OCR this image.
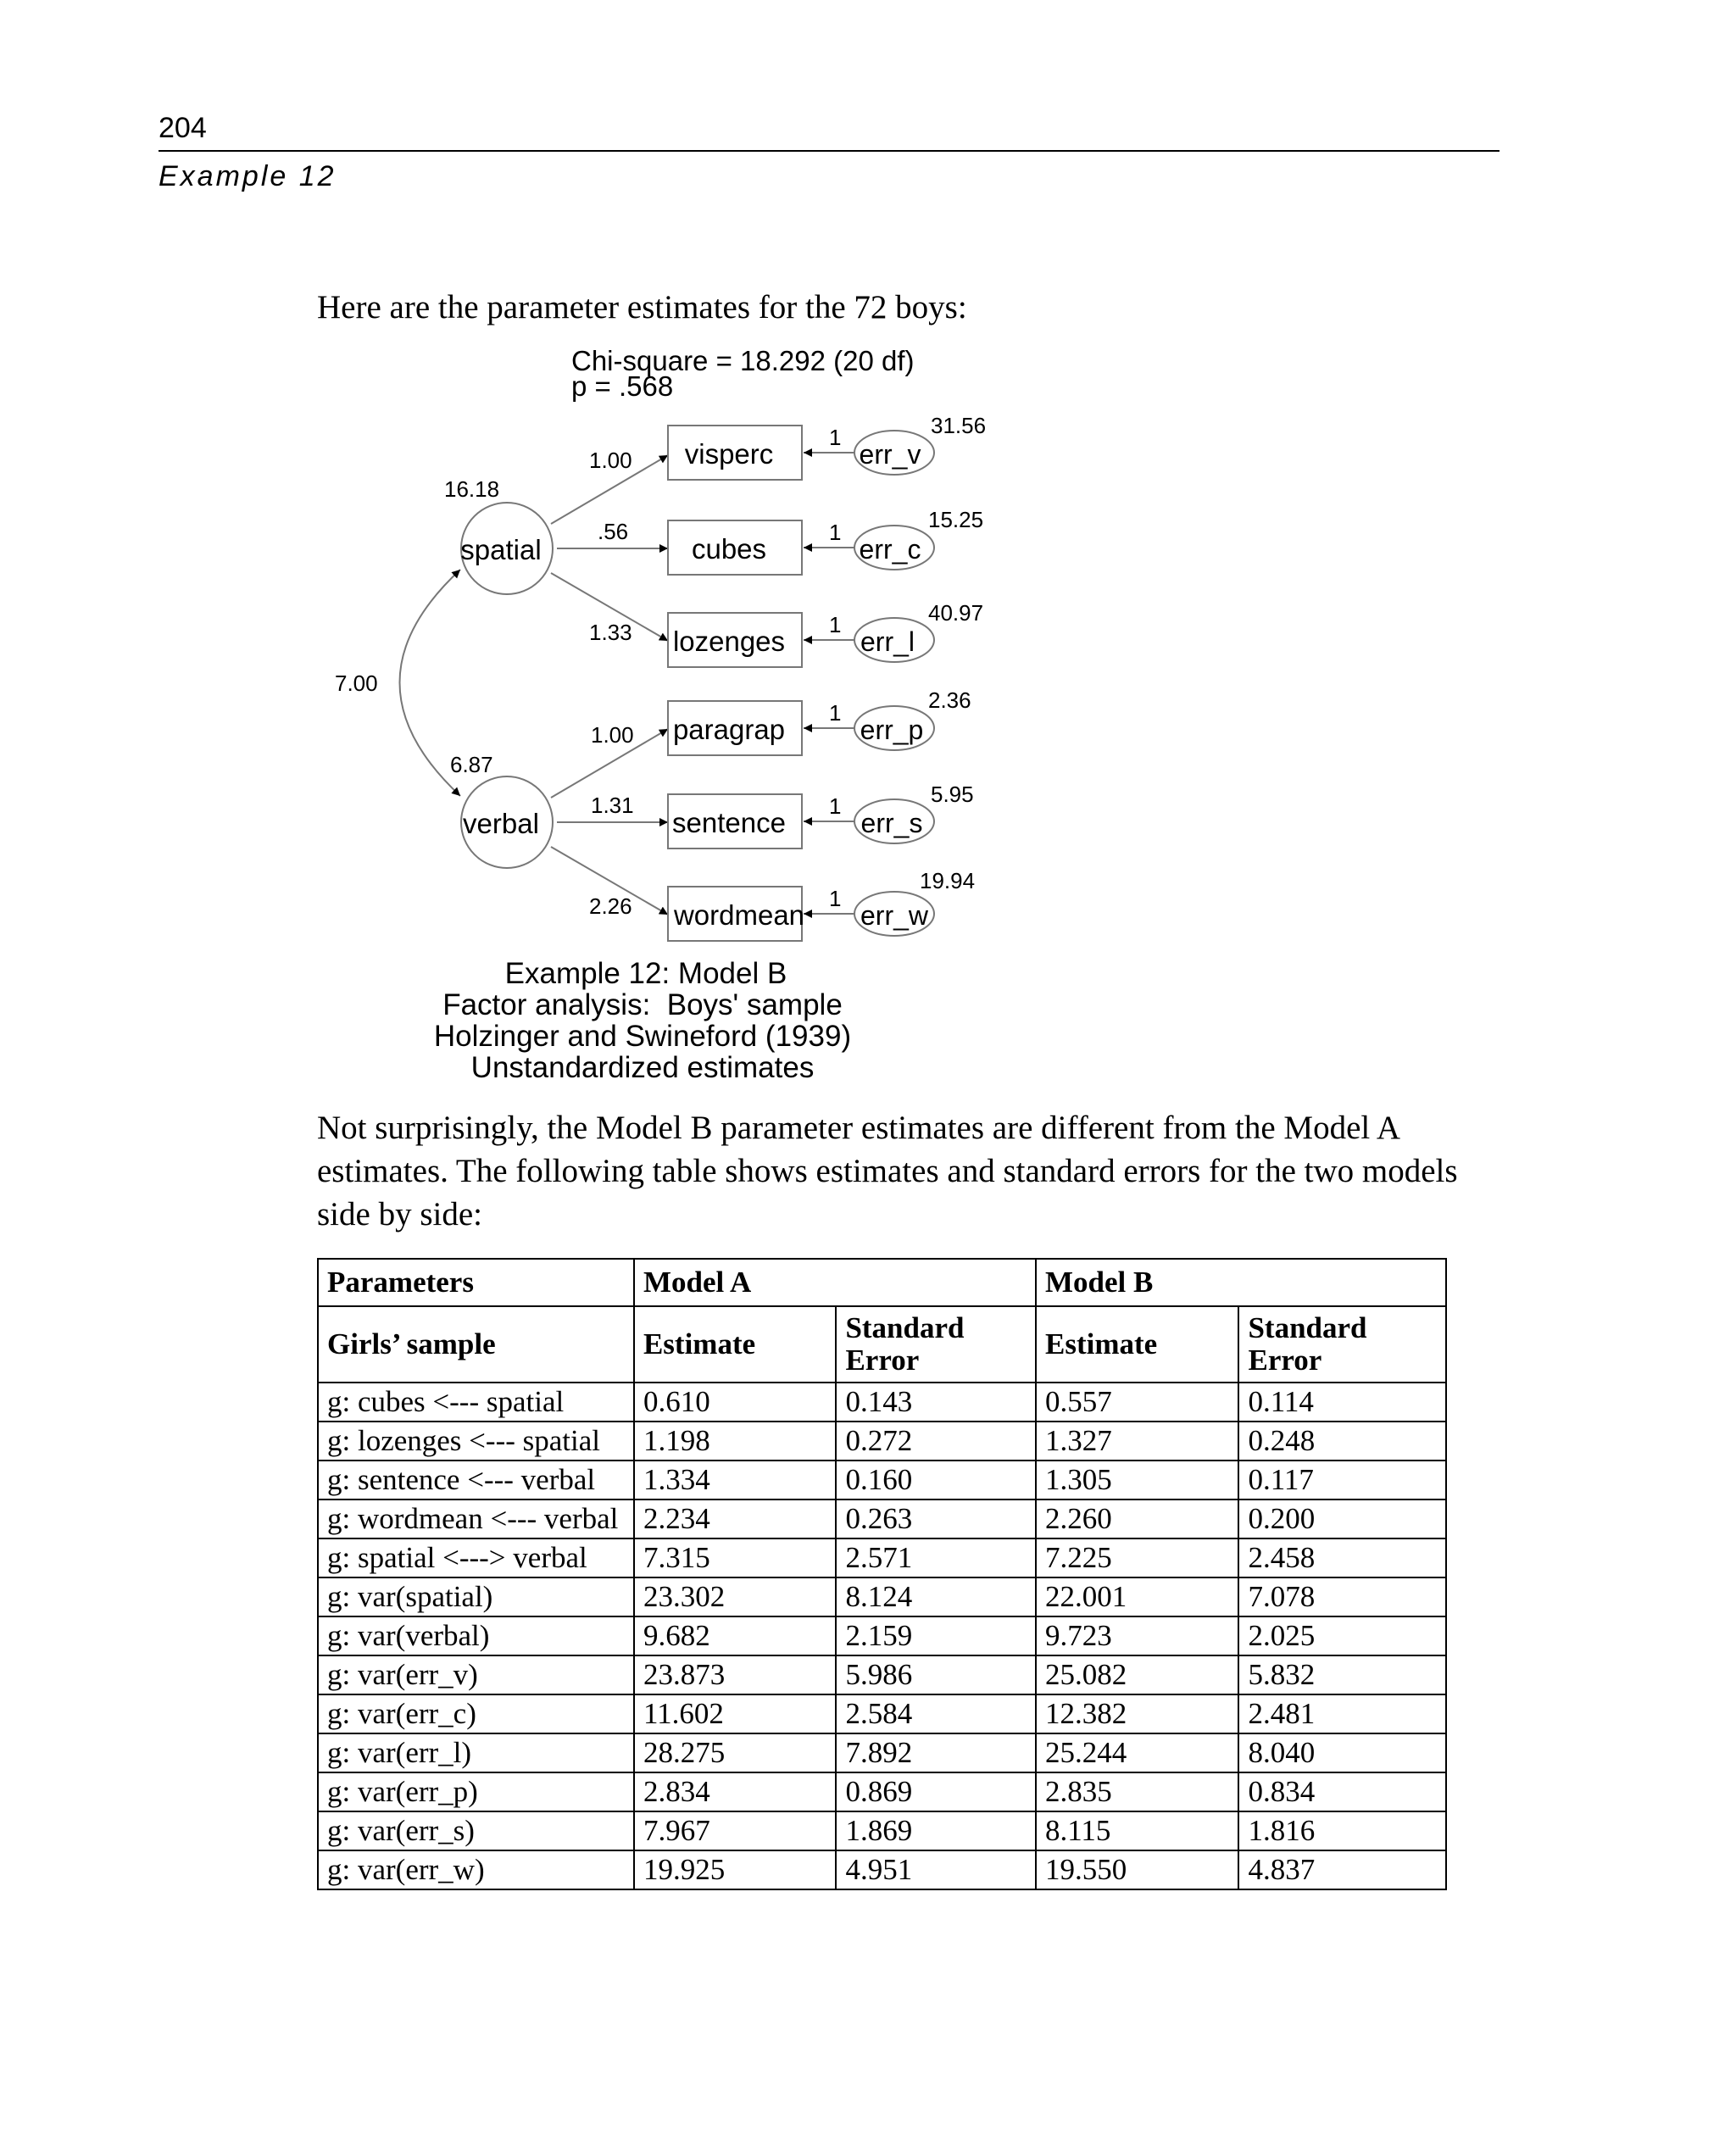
204
Example 12

Here are the parameter estimates for the 72 boys:

Chi-square = 18.292 (20 df)
p = .568
16.18
6.87
7.00
spatial
verbal
1.00
.56
1.33
1.00
1.31
2.26
visperc
cubes
lozenges
paragrap
sentence
wordmean
1
1
1
1
1
1
err_v
err_c
err_l
err_p
err_s
err_w
31.56
15.25
40.97
2.36
5.95
19.94
Example 12: Model B
Factor analysis:  Boys' sample
Holzinger and Swineford (1939)
Unstandardized estimates

Not surprisingly, the Model B parameter estimates are different from the Model A estimates. The following table shows estimates and standard errors for the two models side by side:

Parameters	Model A		Model B	
Girls’ sample	Estimate	Standard Error	Estimate	Standard Error
g: cubes <--- spatial	0.610	0.143	0.557	0.114
g: lozenges <--- spatial	1.198	0.272	1.327	0.248
g: sentence <--- verbal	1.334	0.160	1.305	0.117
g: wordmean <--- verbal	2.234	0.263	2.260	0.200
g: spatial <---> verbal	7.315	2.571	7.225	2.458
g: var(spatial)	23.302	8.124	22.001	7.078
g: var(verbal)	9.682	2.159	9.723	2.025
g: var(err_v)	23.873	5.986	25.082	5.832
g: var(err_c)	11.602	2.584	12.382	2.481
g: var(err_l)	28.275	7.892	25.244	8.040
g: var(err_p)	2.834	0.869	2.835	0.834
g: var(err_s)	7.967	1.869	8.115	1.816
g: var(err_w)	19.925	4.951	19.550	4.837
